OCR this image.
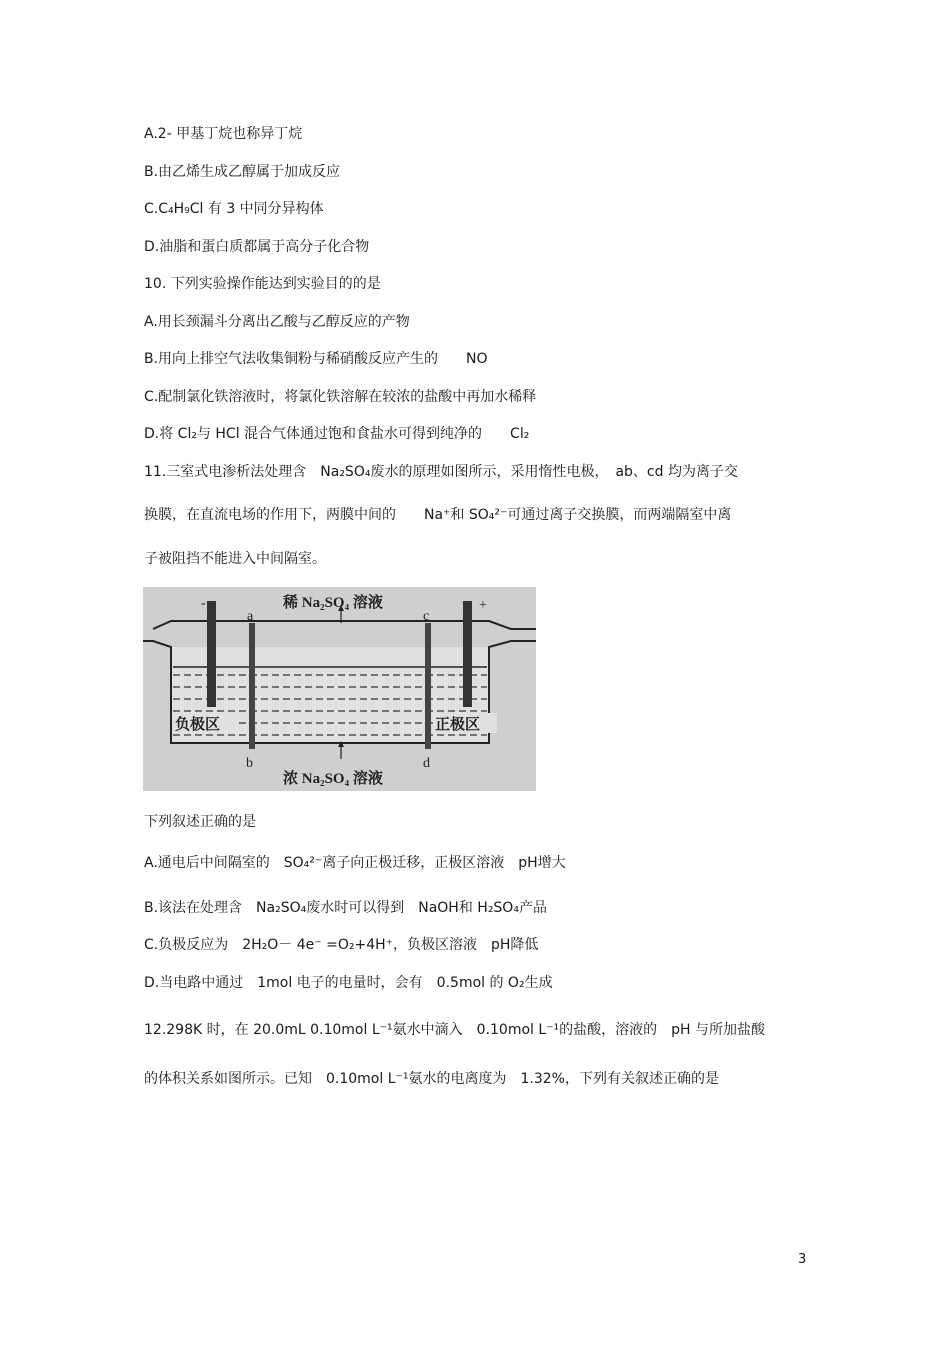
A.2- 甲基丁烷也称异丁烷
B.由乙烯生成乙醇属于加成反应
C.C₄H₉Cl 有 3 中同分异构体
D.油脂和蛋白质都属于高分子化合物
10. 下列实验操作能达到实验目的的是
A.用长颈漏斗分离出乙酸与乙醇反应的产物
B.用向上排空气法收集铜粉与稀硝酸反应产生的　　NO
C.配制氯化铁溶液时，将氯化铁溶解在较浓的盐酸中再加水稀释
D.将 Cl₂与 HCl 混合气体通过饱和食盐水可得到纯净的　　Cl₂
11.三室式电渗析法处理含　Na₂SO₄废水的原理如图所示，采用惰性电极，　ab、cd 均为离子交
换膜，在直流电场的作用下，两膜中间的　　Na⁺和 SO₄²⁻可通过离子交换膜，而两端隔室中离
子被阻挡不能进入中间隔室。
-	+
稀 Na₂SO₄ 溶液
浓 Na₂SO₄ 溶液
a	c
b	d
负极区	正极区
下列叙述正确的是
A.通电后中间隔室的　SO₄²⁻离子向正极迁移，正极区溶液　pH增大
B.该法在处理含　Na₂SO₄废水时可以得到　NaOH和 H₂SO₄产品
C.负极反应为　2H₂O－ 4e⁻ =O₂+4H⁺，负极区溶液　pH降低
D.当电路中通过　1mol 电子的电量时，会有　0.5mol 的 O₂生成
12.298K 时，在 20.0mL 0.10mol L⁻¹氨水中滴入　0.10mol L⁻¹的盐酸，溶液的　pH 与所加盐酸
的体积关系如图所示。已知　0.10mol L⁻¹氨水的电离度为　1.32%，下列有关叙述正确的是
3
